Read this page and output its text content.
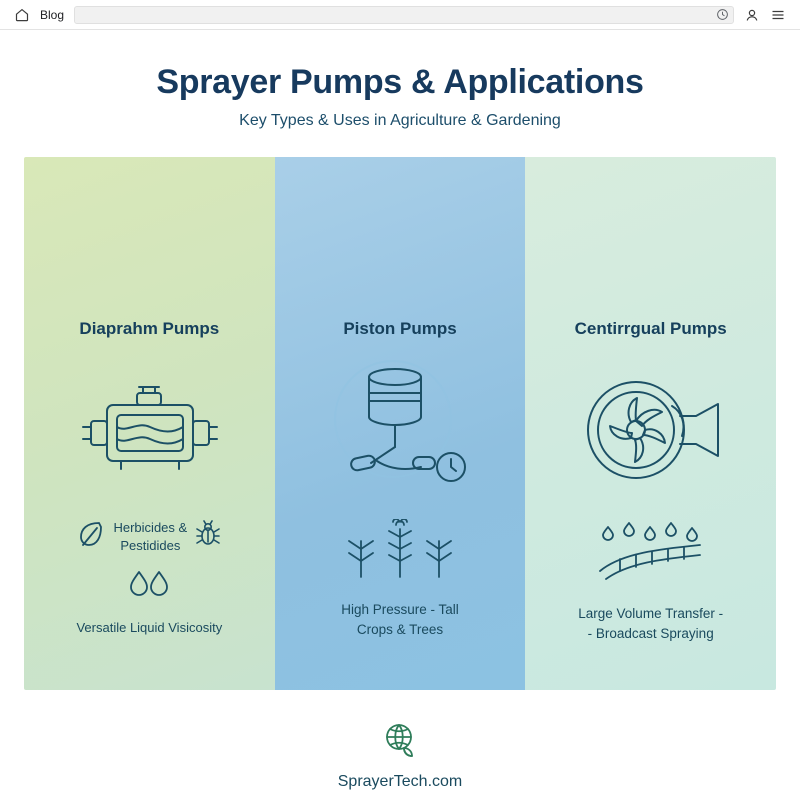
Blog
Sprayer Pumps & Applications

Key Types & Uses in Agriculture & Gardening

Diaprahm Pumps
Herbicides &
Pestidides
Versatile Liquid Visicosity
Piston Pumps
High Pressure - Tall
Crops & Trees
Centirrgual Pumps
Large Volume Transfer -
- Broadcast Spraying
SprayerTech.com
